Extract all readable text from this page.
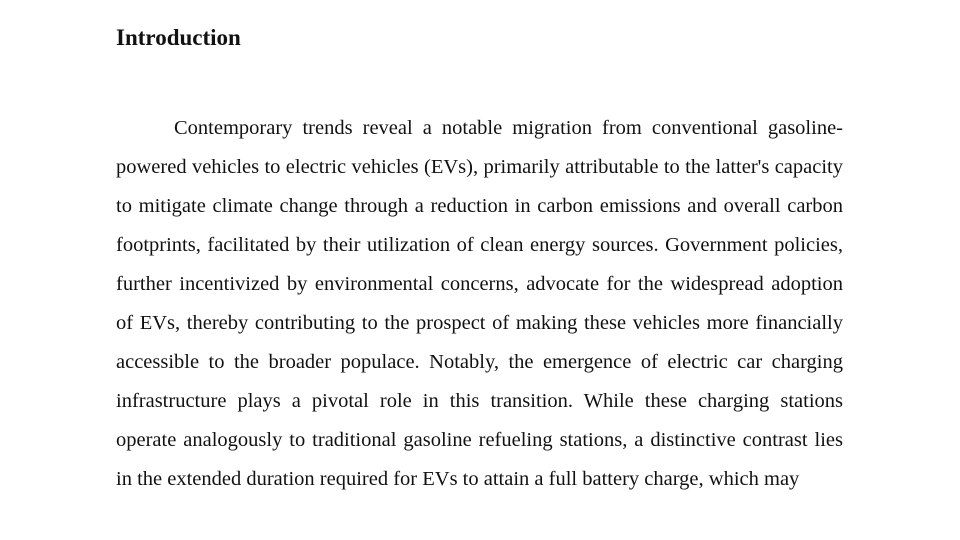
Introduction

Contemporary trends reveal a notable migration from conventional gasoline-powered vehicles to electric vehicles (EVs), primarily attributable to the latter's capacity to mitigate climate change through a reduction in carbon emissions and overall carbon footprints, facilitated by their utilization of clean energy sources. Government policies, further incentivized by environmental concerns, advocate for the widespread adoption of EVs, thereby contributing to the prospect of making these vehicles more financially accessible to the broader populace. Notably, the emergence of electric car charging infrastructure plays a pivotal role in this transition. While these charging stations operate analogously to traditional gasoline refueling stations, a distinctive contrast lies in the extended duration required for EVs to attain a full battery charge, which may
